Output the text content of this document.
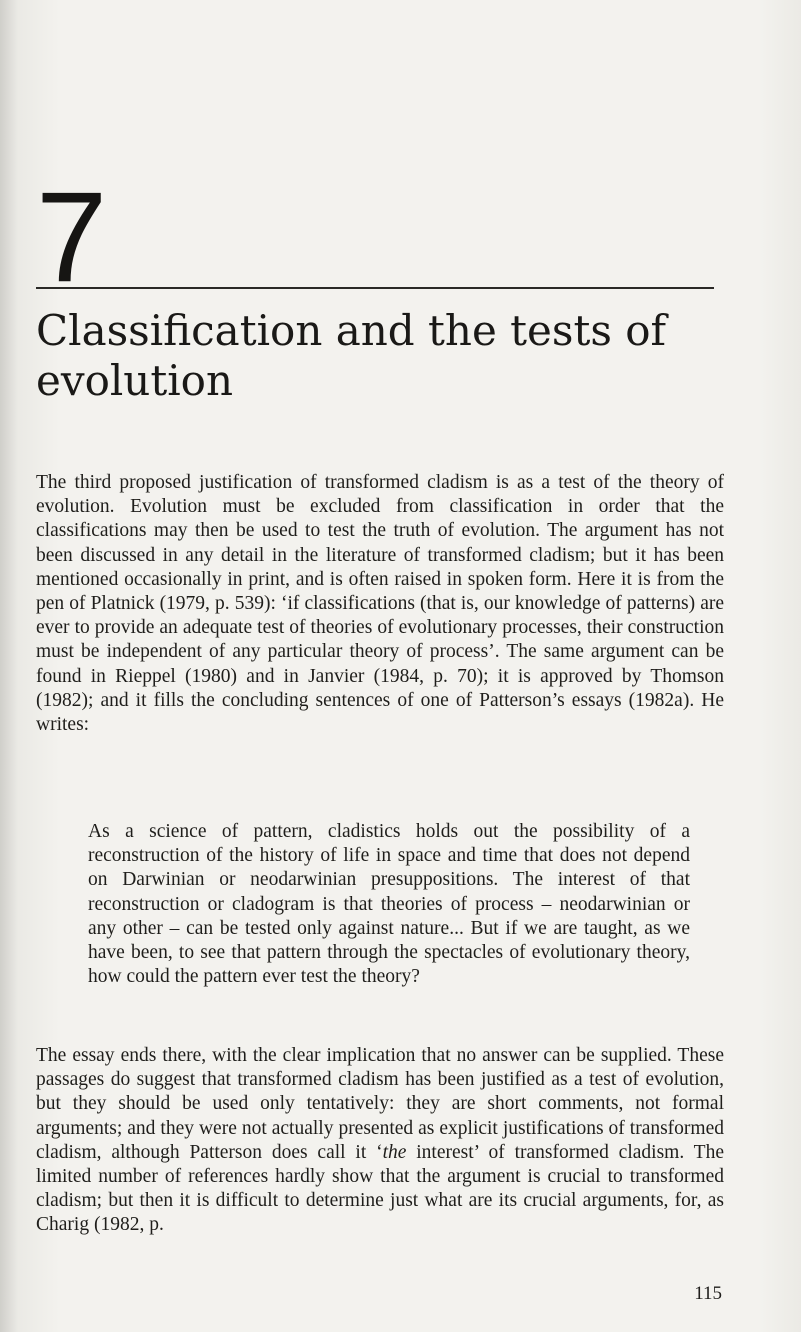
7
Classification and the tests of evolution

The third proposed justification of transformed cladism is as a test of the theory of evolution. Evolution must be excluded from classification in order that the classifications may then be used to test the truth of evolution. The argument has not been discussed in any detail in the literature of transformed cladism; but it has been mentioned occasionally in print, and is often raised in spoken form. Here it is from the pen of Platnick (1979, p. 539): ‘if classifications (that is, our knowledge of patterns) are ever to provide an adequate test of theories of evolutionary processes, their construction must be independent of any particular theory of process’. The same argument can be found in Rieppel (1980) and in Janvier (1984, p. 70); it is approved by Thomson (1982); and it fills the concluding sentences of one of Patterson’s essays (1982a). He writes:

As a science of pattern, cladistics holds out the possibility of a reconstruction of the history of life in space and time that does not depend on Darwinian or neodarwinian presuppositions. The interest of that reconstruction or cladogram is that theories of process – neodarwinian or any other – can be tested only against nature... But if we are taught, as we have been, to see that pattern through the spectacles of evolutionary theory, how could the pattern ever test the theory?

The essay ends there, with the clear implication that no answer can be supplied. These passages do suggest that transformed cladism has been justified as a test of evolution, but they should be used only tentatively: they are short comments, not formal arguments; and they were not actually presented as explicit justifications of transformed cladism, although Patterson does call it ‘the interest’ of transformed cladism. The limited number of references hardly show that the argument is crucial to transformed cladism; but then it is difficult to determine just what are its crucial arguments, for, as Charig (1982, p.

115
